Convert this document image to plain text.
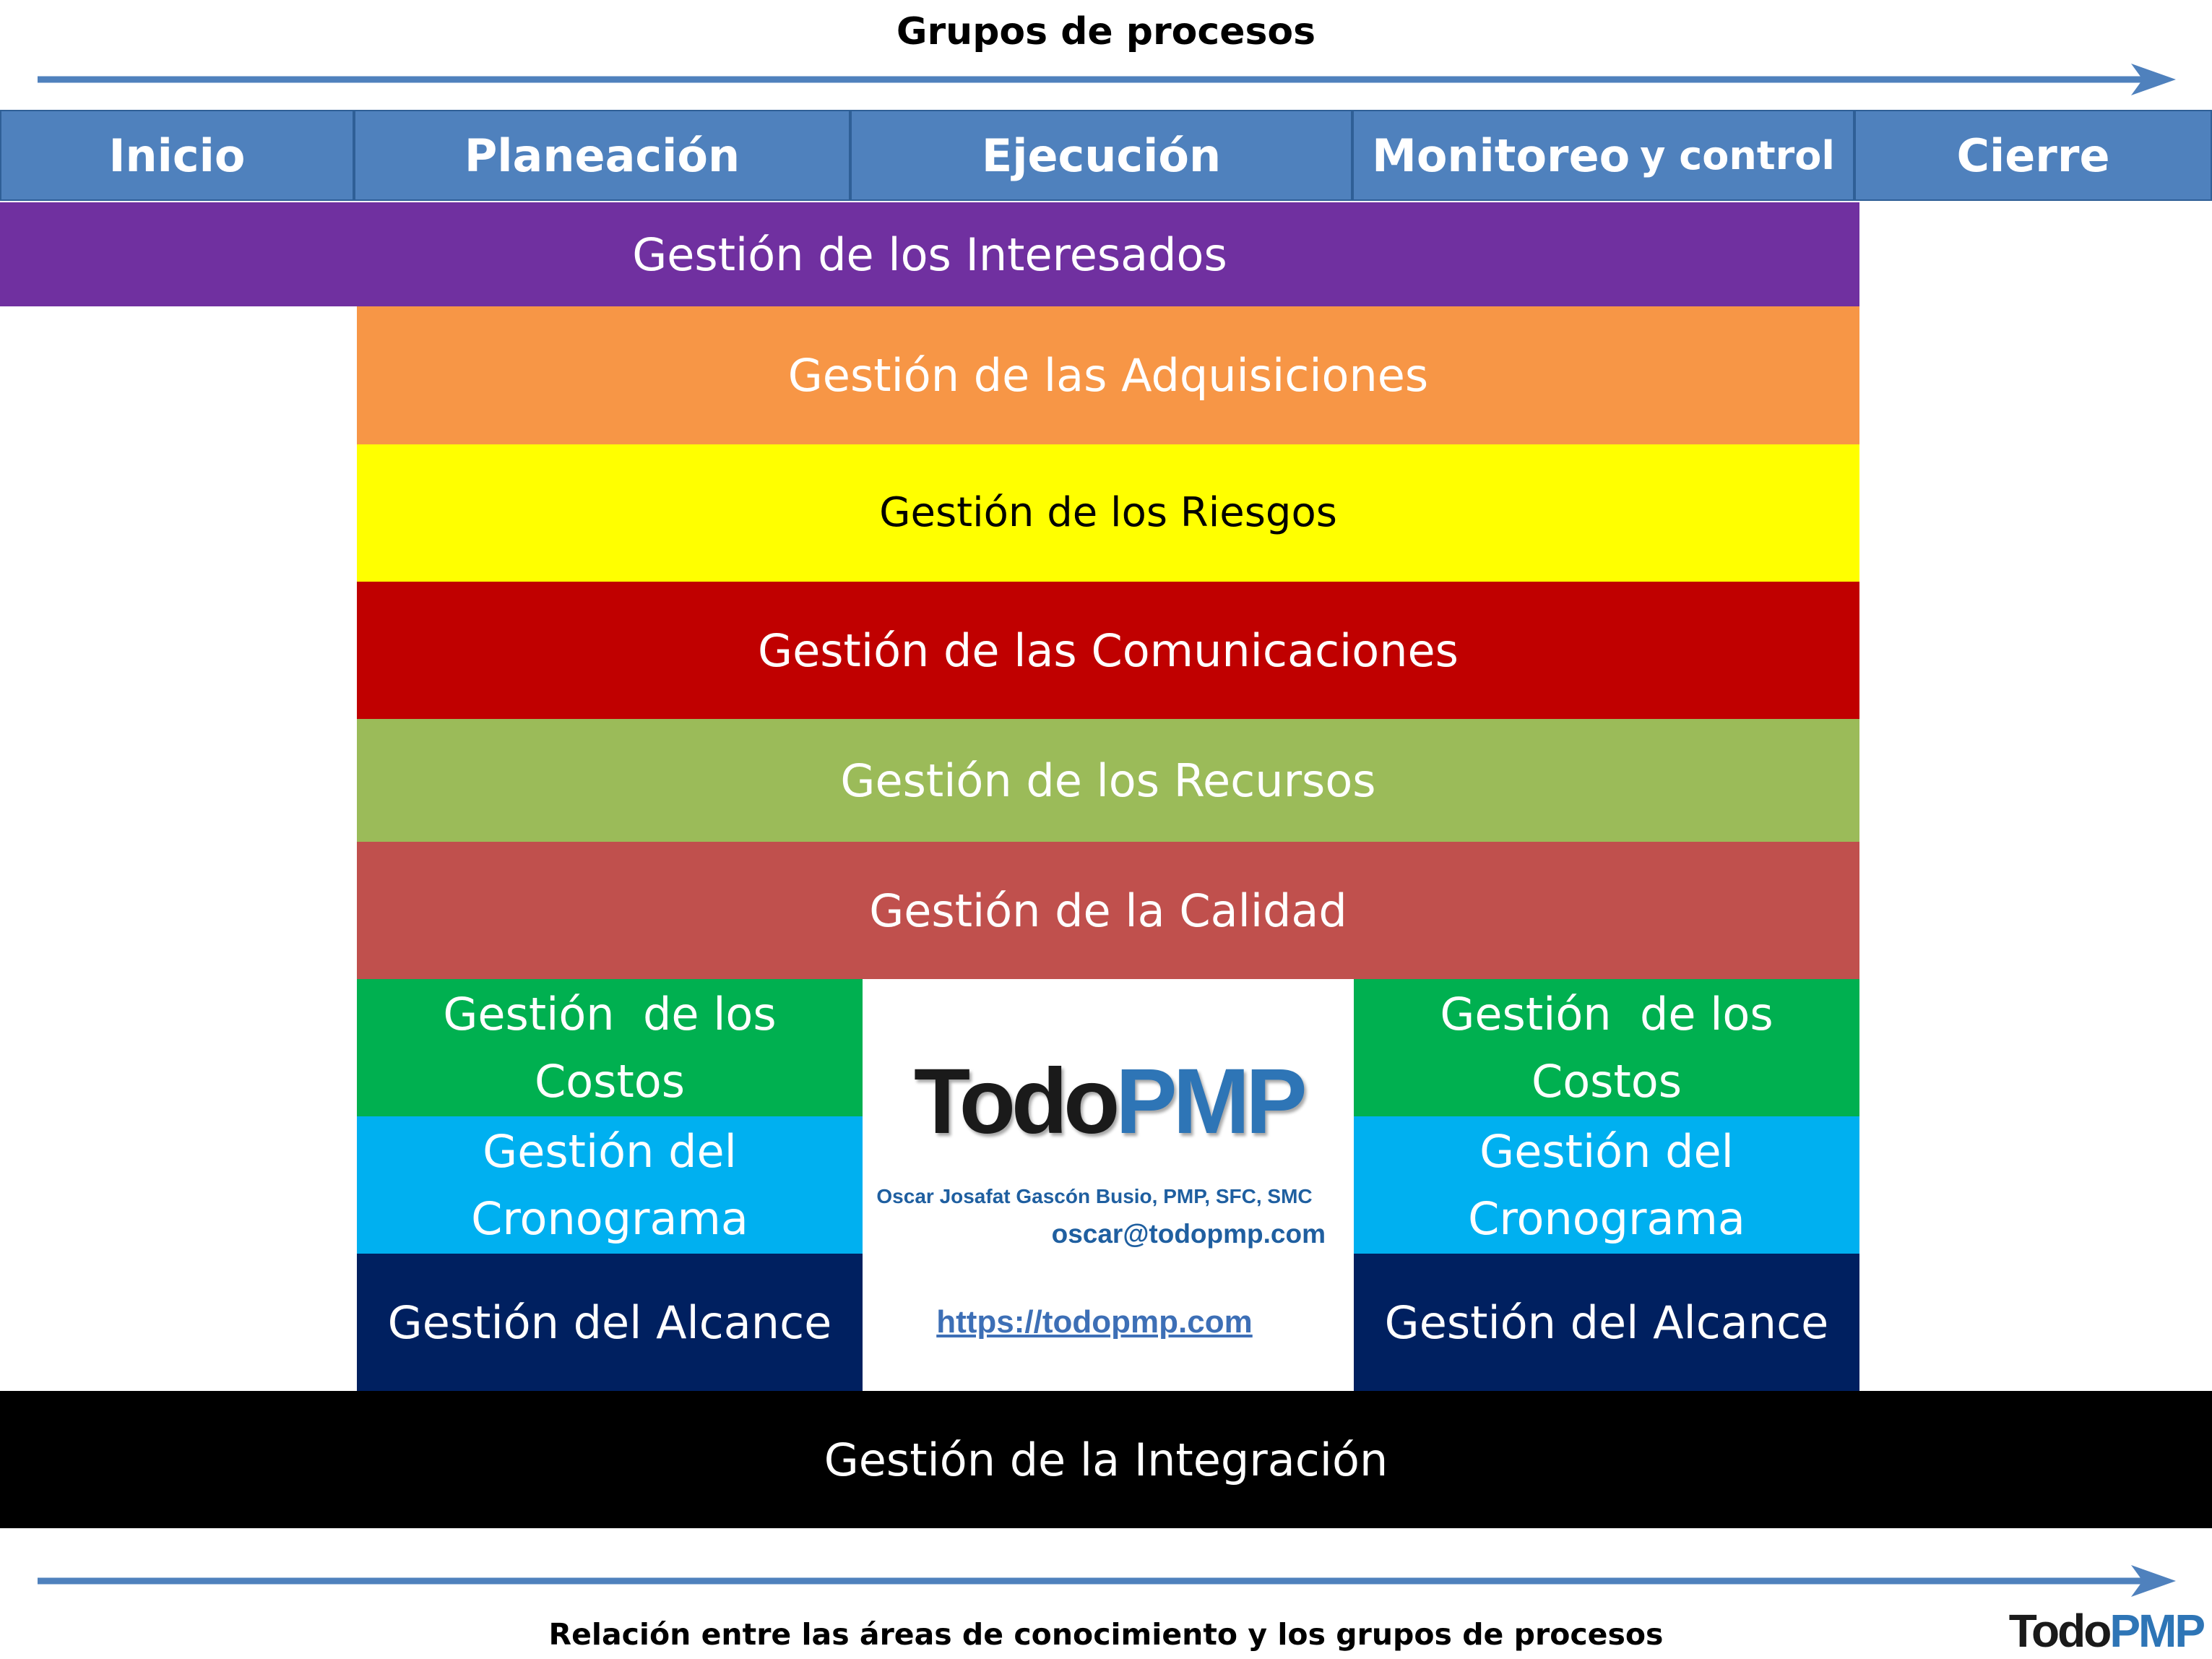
Grupos de procesos
Inicio	Planeación	Ejecución	Monitoreo y control	Cierre
Gestión de los Interesados
Gestión de las Adquisiciones
Gestión de los Riesgos
Gestión de las Comunicaciones
Gestión de los Recursos
Gestión de la Calidad
Gestión  de los
Costos
Gestión del
Cronograma
Gestión del Alcance
TodoPMP
Oscar Josafat Gascón Busio, PMP, SFC, SMC
oscar@todopmp.com
https://todopmp.com
Gestión  de los
Costos
Gestión del
Cronograma
Gestión del Alcance
Gestión de la Integración
Relación entre las áreas de conocimiento y los grupos de procesos	TodoPMP
